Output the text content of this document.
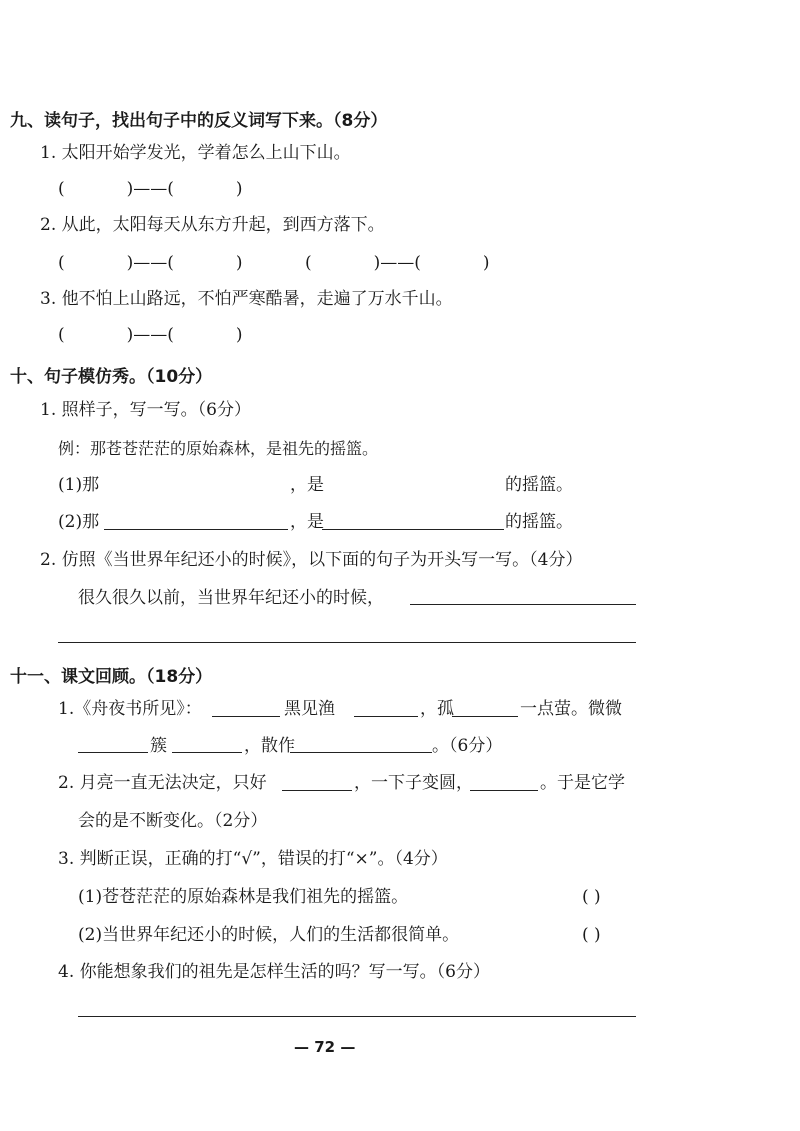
九、读句子，找出句子中的反义词写下来。（8分）
1. 太阳开始学发光，学着怎么上山下山。
(	)——(	)
2. 从此，太阳每天从东方升起，到西方落下。
(	)——(	)	(	)——(	)
3. 他不怕上山路远，不怕严寒酷暑，走遍了万水千山。
(	)——(	)
十、句子模仿秀。（10分）
1. 照样子，写一写。（6分）
例：那苍苍茫茫的原始森林，是祖先的摇篮。
(1)那	，是	的摇篮。
(2)那	，是	的摇篮。
2. 仿照《当世界年纪还小的时候》，以下面的句子为开头写一写。（4分）
很久很久以前，当世界年纪还小的时候，
十一、课文回顾。（18分）
1.《舟夜书所见》：	黑见渔	，孤	一点萤。微微
簇	，散作	。（6分）
2. 月亮一直无法决定，只好	，一下子变圆，	。于是它学
会的是不断变化。（2分）
3. 判断正误，正确的打“√”，错误的打“×”。（4分）
(1)苍苍茫茫的原始森林是我们祖先的摇篮。	( )
(2)当世界年纪还小的时候，人们的生活都很简单。	( )
4. 你能想象我们的祖先是怎样生活的吗？写一写。（6分）
— 72 —
